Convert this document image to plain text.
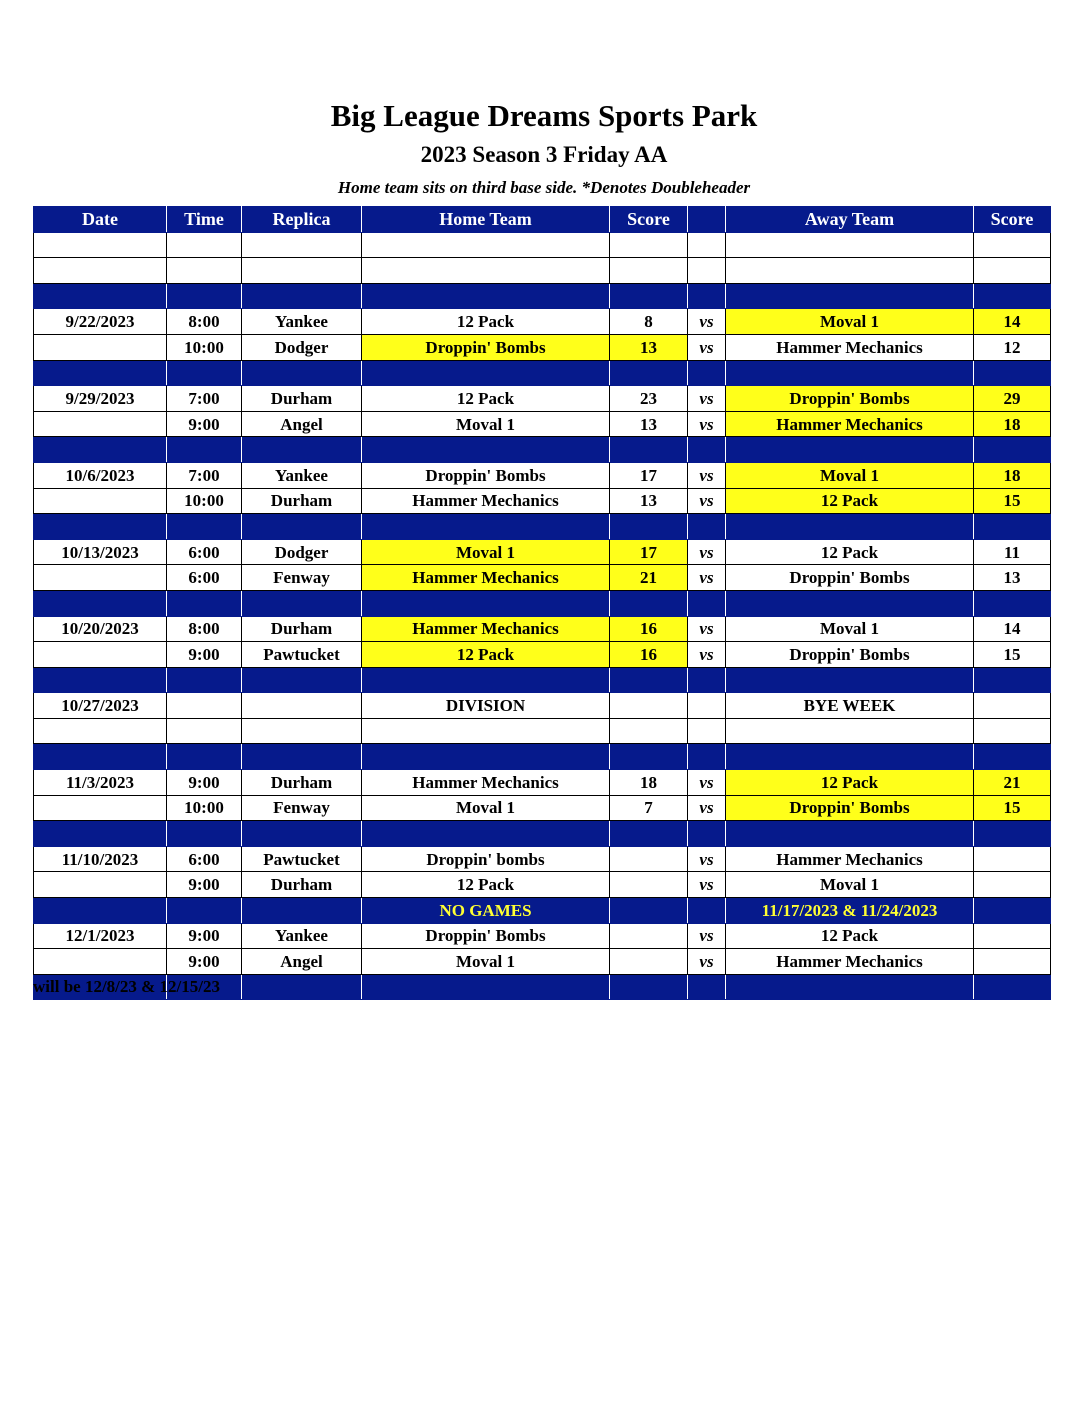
Big League Dreams Sports Park
2023 Season 3 Friday AA
Home team sits on third base side. *Denotes Doubleheader
Date	Time	Replica	Home Team	Score		Away Team	Score

9/22/2023	8:00	Yankee	12 Pack	8	vs	Moval 1	14
	10:00	Dodger	Droppin' Bombs	13	vs	Hammer Mechanics	12

9/29/2023	7:00	Durham	12 Pack	23	vs	Droppin' Bombs	29
	9:00	Angel	Moval 1	13	vs	Hammer Mechanics	18

10/6/2023	7:00	Yankee	Droppin' Bombs	17	vs	Moval 1	18
	10:00	Durham	Hammer Mechanics	13	vs	12 Pack	15

10/13/2023	6:00	Dodger	Moval 1	17	vs	12 Pack	11
	6:00	Fenway	Hammer Mechanics	21	vs	Droppin' Bombs	13

10/20/2023	8:00	Durham	Hammer Mechanics	16	vs	Moval 1	14
	9:00	Pawtucket	12 Pack	16	vs	Droppin' Bombs	15

10/27/2023			DIVISION			BYE WEEK	

11/3/2023	9:00	Durham	Hammer Mechanics	18	vs	12 Pack	21
	10:00	Fenway	Moval 1	7	vs	Droppin' Bombs	15

11/10/2023	6:00	Pawtucket	Droppin' bombs		vs	Hammer Mechanics	
	9:00	Durham	12 Pack		vs	Moval 1	
			NO GAMES			11/17/2023 & 11/24/2023	
12/1/2023	9:00	Yankee	Droppin' Bombs		vs	12 Pack	
	9:00	Angel	Moval 1		vs	Hammer Mechanics	

will be 12/8/23 & 12/15/23
